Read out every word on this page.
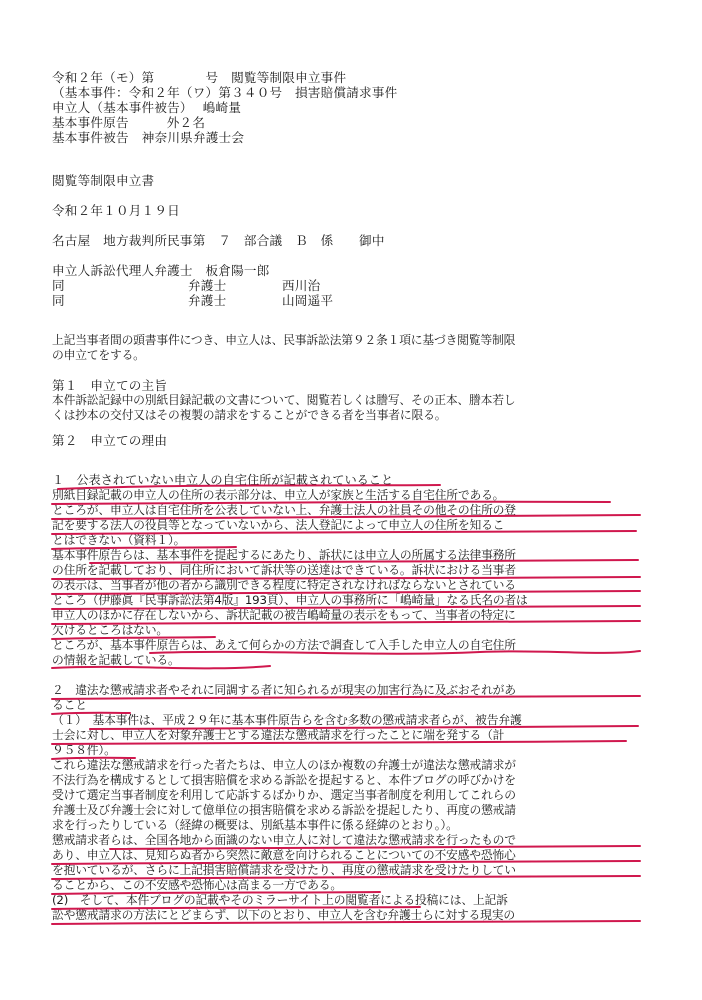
令和２年（モ）第　　　　号　閲覧等制限申立事件
（基本事件：令和２年（ワ）第３４０号　損害賠償請求事件
申立人（基本事件被告） 嶋崎量
基本事件原告	外２名
基本事件被告 神奈川県弁護士会
閲覧等制限申立書
令和２年１０月１９日
名古屋　地方裁判所民事第　７　部合議　Ｂ　係　　御中
申立人訴訟代理人弁護士　板倉陽一郎
同	弁護士	西川治
同	弁護士	山岡遥平
上記当事者間の頭書事件につき、申立人は、民事訴訟法第９２条１項に基づき閲覧等制限
の申立てをする。
第１　申立ての主旨
本件訴訟記録中の別紙目録記載の文書について、閲覧若しくは謄写、その正本、謄本若し
くは抄本の交付又はその複製の請求をすることができる者を当事者に限る。
第２　申立ての理由
１　公表されていない申立人の自宅住所が記載されていること
別紙目録記載の申立人の住所の表示部分は、申立人が家族と生活する自宅住所である。
ところが、申立人は自宅住所を公表していない上、弁護士法人の社員その他その住所の登
記を要する法人の役員等となっていないから、法人登記によって申立人の住所を知るこ
とはできない（資料１）。
基本事件原告らは、基本事件を提起するにあたり、訴状には申立人の所属する法律事務所
の住所を記載しており、同住所において訴状等の送達はできている。訴状における当事者
の表示は、当事者が他の者から識別できる程度に特定されなければならないとされている
ところ（伊藤眞『民事訴訟法第4版』193頁）、申立人の事務所に「嶋崎量」なる氏名の者は
申立人のほかに存在しないから、訴状記載の被告嶋崎量の表示をもって、当事者の特定に
欠けるところはない。
ところが、基本事件原告らは、あえて何らかの方法で調査して入手した申立人の自宅住所
の情報を記載している。
２　違法な懲戒請求者やそれに同調する者に知られるが現実の加害行為に及ぶおそれがあ
ること
（１）　基本事件は、平成２９年に基本事件原告らを含む多数の懲戒請求者らが、被告弁護
士会に対し、申立人を対象弁護士とする違法な懲戒請求を行ったことに端を発する（計
９５８件）。
これら違法な懲戒請求を行った者たちは、申立人のほか複数の弁護士が違法な懲戒請求が
不法行為を構成するとして損害賠償を求める訴訟を提起すると、本件ブログの呼びかけを
受けて選定当事者制度を利用して応訴するばかりか、選定当事者制度を利用してこれらの
弁護士及び弁護士会に対して億単位の損害賠償を求める訴訟を提起したり、再度の懲戒請
求を行ったりしている（経緯の概要は、別紙基本事件に係る経緯のとおり。）。
懲戒請求者らは、全国各地から面識のない申立人に対して違法な懲戒請求を行ったもので
あり、申立人は、見知らぬ者から突然に敵意を向けられることについての不安感や恐怖心
を抱いているが、さらに上記損害賠償請求を受けたり、再度の懲戒請求を受けたりしてい
ることから、この不安感や恐怖心は高まる一方である。
(2)　そして、本件ブログの記載やそのミラーサイト上の閲覧者による投稿には、上記訴
訟や懲戒請求の方法にとどまらず、以下のとおり、申立人を含む弁護士らに対する現実の
